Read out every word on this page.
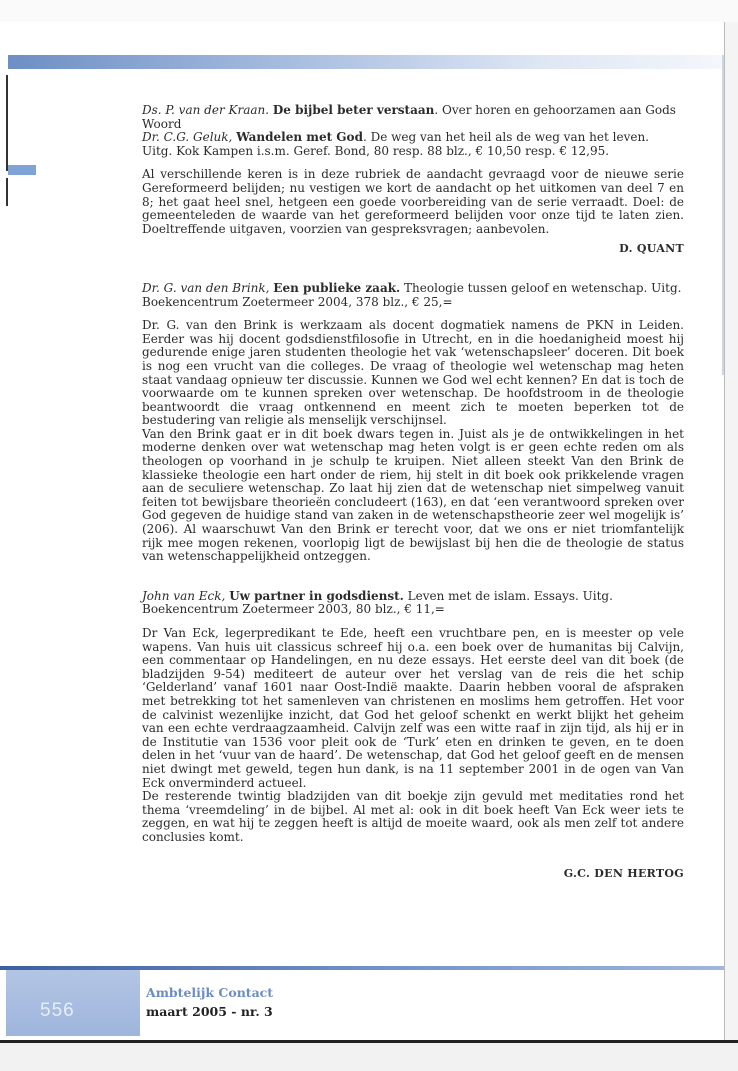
Ds. P. van der Kraan. De bijbel beter verstaan. Over horen en gehoorzamen aan Gods Woord
Dr. C.G. Geluk, Wandelen met God. De weg van het heil als de weg van het leven.
Uitg. Kok Kampen i.s.m. Geref. Bond, 80 resp. 88 blz., € 10,50 resp. € 12,95.

Al verschillende keren is in deze rubriek de aandacht gevraagd voor de nieuwe serie Gereformeerd belijden; nu vestigen we kort de aandacht op het uitkomen van deel 7 en 8; het gaat heel snel, hetgeen een goede voorbereiding van de serie verraadt. Doel: de gemeenteleden de waarde van het gereformeerd belijden voor onze tijd te laten zien. Doeltreffende uitgaven, voorzien van gespreksvragen; aanbevolen.

D. QUANT

Dr. G. van den Brink, Een publieke zaak. Theologie tussen geloof en wetenschap. Uitg. Boekencentrum Zoetermeer 2004, 378 blz., € 25,=

Dr. G. van den Brink is werkzaam als docent dogmatiek namens de PKN in Leiden. Eerder was hij docent godsdienstfilosofie in Utrecht, en in die hoedanigheid moest hij gedurende enige jaren studenten theologie het vak ‘wetenschapsleer’ doceren. Dit boek is nog een vrucht van die colleges. De vraag of theologie wel wetenschap mag heten staat vandaag opnieuw ter discussie. Kunnen we God wel echt kennen? En dat is toch de voorwaarde om te kunnen spreken over wetenschap. De hoofdstroom in de theologie beantwoordt die vraag ontkennend en meent zich te moeten beperken tot de bestudering van religie als menselijk verschijnsel.

Van den Brink gaat er in dit boek dwars tegen in. Juist als je de ontwikkelingen in het moderne denken over wat wetenschap mag heten volgt is er geen echte reden om als theologen op voorhand in je schulp te kruipen. Niet alleen steekt Van den Brink de klassieke theologie een hart onder de riem, hij stelt in dit boek ook prikkelende vragen aan de seculiere wetenschap. Zo laat hij zien dat de wetenschap niet simpelweg vanuit feiten tot bewijsbare theorieën concludeert (163), en dat ‘een verantwoord spreken over God gegeven de huidige stand van zaken in de wetenschapstheorie zeer wel mogelijk is’ (206). Al waarschuwt Van den Brink er terecht voor, dat we ons er niet triomfantelijk rijk mee mogen rekenen, voorlopig ligt de bewijslast bij hen die de theologie de status van wetenschappelijkheid ontzeggen.

John van Eck, Uw partner in godsdienst. Leven met de islam. Essays. Uitg. Boekencentrum Zoetermeer 2003, 80 blz., € 11,=

Dr Van Eck, legerpredikant te Ede, heeft een vruchtbare pen, en is meester op vele wapens. Van huis uit classicus schreef hij o.a. een boek over de humanitas bij Calvijn, een commentaar op Handelingen, en nu deze essays. Het eerste deel van dit boek (de bladzijden 9-54) mediteert de auteur over het verslag van de reis die het schip ‘Gelderland’ vanaf 1601 naar Oost-Indië maakte. Daarin hebben vooral de afspraken met betrekking tot het samenleven van christenen en moslims hem getroffen. Het voor de calvinist wezenlijke inzicht, dat God het geloof schenkt en werkt blijkt het geheim van een echte verdraagzaamheid. Calvijn zelf was een witte raaf in zijn tijd, als hij er in de Institutie van 1536 voor pleit ook de ‘Turk’ eten en drinken te geven, en te doen delen in het ‘vuur van de haard’. De wetenschap, dat God het geloof geeft en de mensen niet dwingt met geweld, tegen hun dank, is na 11 september 2001 in de ogen van Van Eck onverminderd actueel.

De resterende twintig bladzijden van dit boekje zijn gevuld met meditaties rond het thema ‘vreemdeling’ in de bijbel. Al met al: ook in dit boek heeft Van Eck weer iets te zeggen, en wat hij te zeggen heeft is altijd de moeite waard, ook als men zelf tot andere conclusies komt.

G.C. DEN HERTOG

556
Ambtelijk Contact
maart 2005 - nr. 3
